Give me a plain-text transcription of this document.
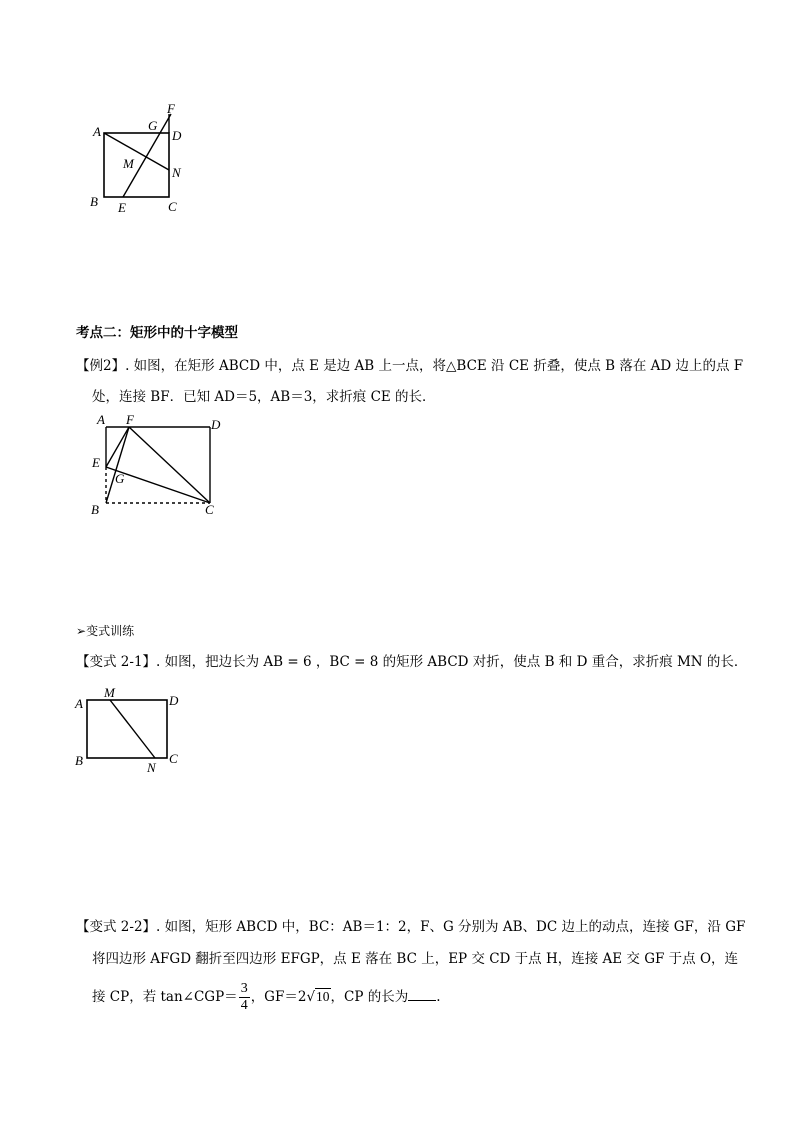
A
B	C
D
E
F
G
M
N
考点二：矩形中的十字模型
【例2】. 如图，在矩形 ABCD 中，点 E 是边 AB 上一点，将△BCE 沿 CE 折叠，使点 B 落在 AD 边上的点 F
处，连接 BF．已知 AD＝5，AB＝3，求折痕 CE 的长．
A
B	C
D
E
F
G
➢变式训练
【变式 2-1】. 如图，把边长为 AB = 6 ，BC = 8 的矩形 ABCD 对折，使点 B 和 D 重合，求折痕 MN 的长．
A
B	C
D
M
N
【变式 2-2】. 如图，矩形 ABCD 中，BC：AB＝1：2，F、G 分别为 AB、DC 边上的动点，连接 GF，沿 GF
将四边形 AFGD 翻折至四边形 EFGP，点 E 落在 BC 上，EP 交 CD 于点 H，连接 AE 交 GF 于点 O，连
接 CP，若 tan∠CGP＝ $\frac{3}{4}$ ，GF＝2√10，CP 的长为 .
